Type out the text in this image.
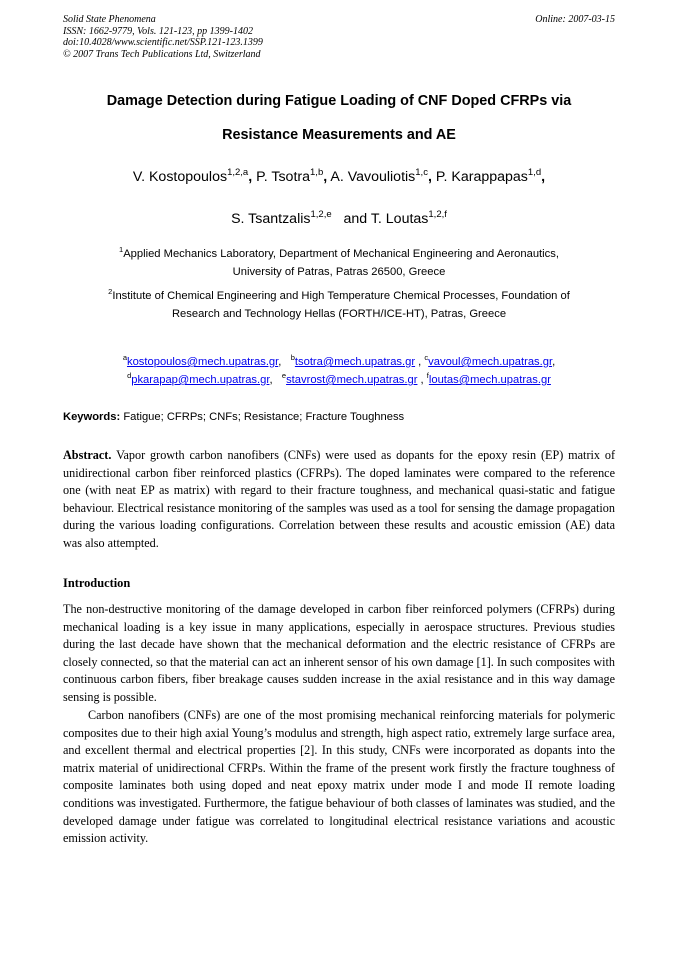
Solid State Phenomena
ISSN: 1662-9779, Vols. 121-123, pp 1399-1402
doi:10.4028/www.scientific.net/SSP.121-123.1399
© 2007 Trans Tech Publications Ltd, Switzerland
Online: 2007-03-15
Damage Detection during Fatigue Loading of CNF Doped CFRPs via
Resistance Measurements and AE
V. Kostopoulos$^{1,2,a}$, P. Tsotra$^{1,b}$, A. Vavouliotis$^{1,c}$, P. Karappapas$^{1,d}$,
S. Tsantzalis$^{1,2,e}$ and T. Loutas$^{1,2,f}$
$^1$Applied Mechanics Laboratory, Department of Mechanical Engineering and Aeronautics,
University of Patras, Patras 26500, Greece
$^2$Institute of Chemical Engineering and High Temperature Chemical Processes, Foundation of
Research and Technology Hellas (FORTH/ICE-HT), Patras, Greece
$^a$kostopoulos@mech.upatras.gr,   $^b$tsotra@mech.upatras.gr , $^c$vavoul@mech.upatras.gr,
$^d$pkarapap@mech.upatras.gr,   $^e$stavrost@mech.upatras.gr , $^f$loutas@mech.upatras.gr
Keywords: Fatigue; CFRPs; CNFs; Resistance; Fracture Toughness
Abstract. Vapor growth carbon nanofibers (CNFs) were used as dopants for the epoxy resin (EP) matrix of unidirectional carbon fiber reinforced plastics (CFRPs). The doped laminates were compared to the reference one (with neat EP as matrix) with regard to their fracture toughness, and mechanical quasi-static and fatigue behaviour. Electrical resistance monitoring of the samples was used as a tool for sensing the damage propagation during the various loading configurations. Correlation between these results and acoustic emission (AE) data was also attempted.
Introduction
The non-destructive monitoring of the damage developed in carbon fiber reinforced polymers (CFRPs) during mechanical loading is a key issue in many applications, especially in aerospace structures. Previous studies during the last decade have shown that the mechanical deformation and the electric resistance of CFRPs are closely connected, so that the material can act an inherent sensor of his own damage [1]. In such composites with continuous carbon fibers, fiber breakage causes sudden increase in the axial resistance and in this way damage sensing is possible.
Carbon nanofibers (CNFs) are one of the most promising mechanical reinforcing materials for polymeric composites due to their high axial Young’s modulus and strength, high aspect ratio, extremely large surface area, and excellent thermal and electrical properties [2]. In this study, CNFs were incorporated as dopants into the matrix material of unidirectional CFRPs. Within the frame of the present work firstly the fracture toughness of composite laminates both using doped and neat epoxy matrix under mode I and mode II remote loading conditions was investigated. Furthermore, the fatigue behaviour of both classes of laminates was studied, and the developed damage under fatigue was correlated to longitudinal electrical resistance variations and acoustic emission activity.
